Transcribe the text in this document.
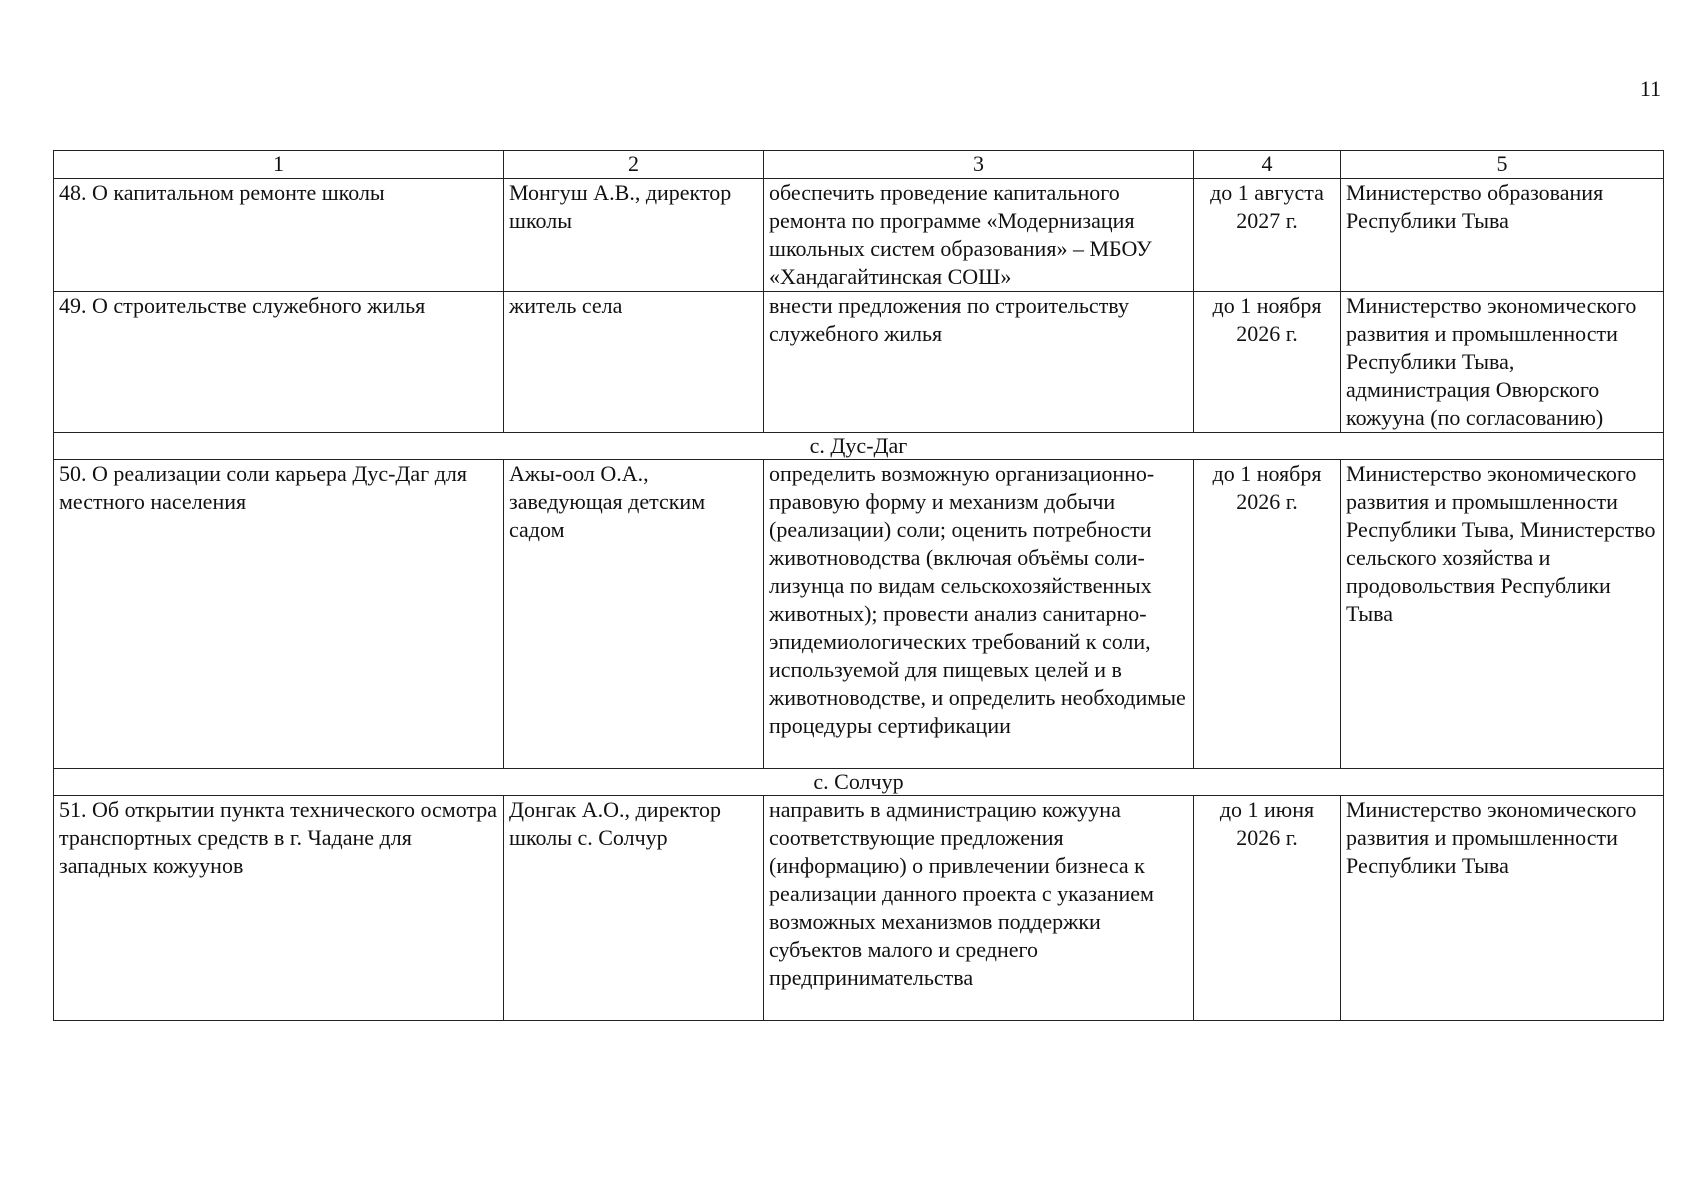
11
1	2	3	4	5
48. О капитальном ремонте школы	Монгуш А.В., директор школы	обеспечить проведение капитального ремонта по программе «Модернизация школьных систем образования» – МБОУ «Хандагайтинская СОШ»	до 1 августа 2027 г.	Министерство образования Республики Тыва
49. О строительстве служебного жилья	житель села	внести предложения по строительству служебного жилья	до 1 ноября 2026 г.	Министерство экономического развития и промышленности Республики Тыва, администрация Овюрского кожууна (по согласованию)
с. Дус-Даг				
50. О реализации соли карьера Дус-Даг для местного населения	Ажы-оол О.А., заведующая детским садом	определить возможную организационно-правовую форму и механизм добычи (реализации) соли; оценить потребности животноводства (включая объёмы соли-лизунца по видам сельскохозяйственных животных); провести анализ санитарно-эпидемиологических требований к соли, используемой для пищевых целей и в животноводстве, и определить необходимые процедуры сертификации	до 1 ноября 2026 г.	Министерство экономического развития и промышленности Республики Тыва, Министерство сельского хозяйства и продовольствия Республики Тыва
с. Солчур				
51. Об открытии пункта технического осмотра транспортных средств в г. Чадане для западных кожуунов	Донгак А.О., директор школы с. Солчур	направить в администрацию кожууна соответствующие предложения (информацию) о привлечении бизнеса к реализации данного проекта с указанием возможных механизмов поддержки субъектов малого и среднего предпринимательства	до 1 июня 2026 г.	Министерство экономического развития и промышленности Республики Тыва
